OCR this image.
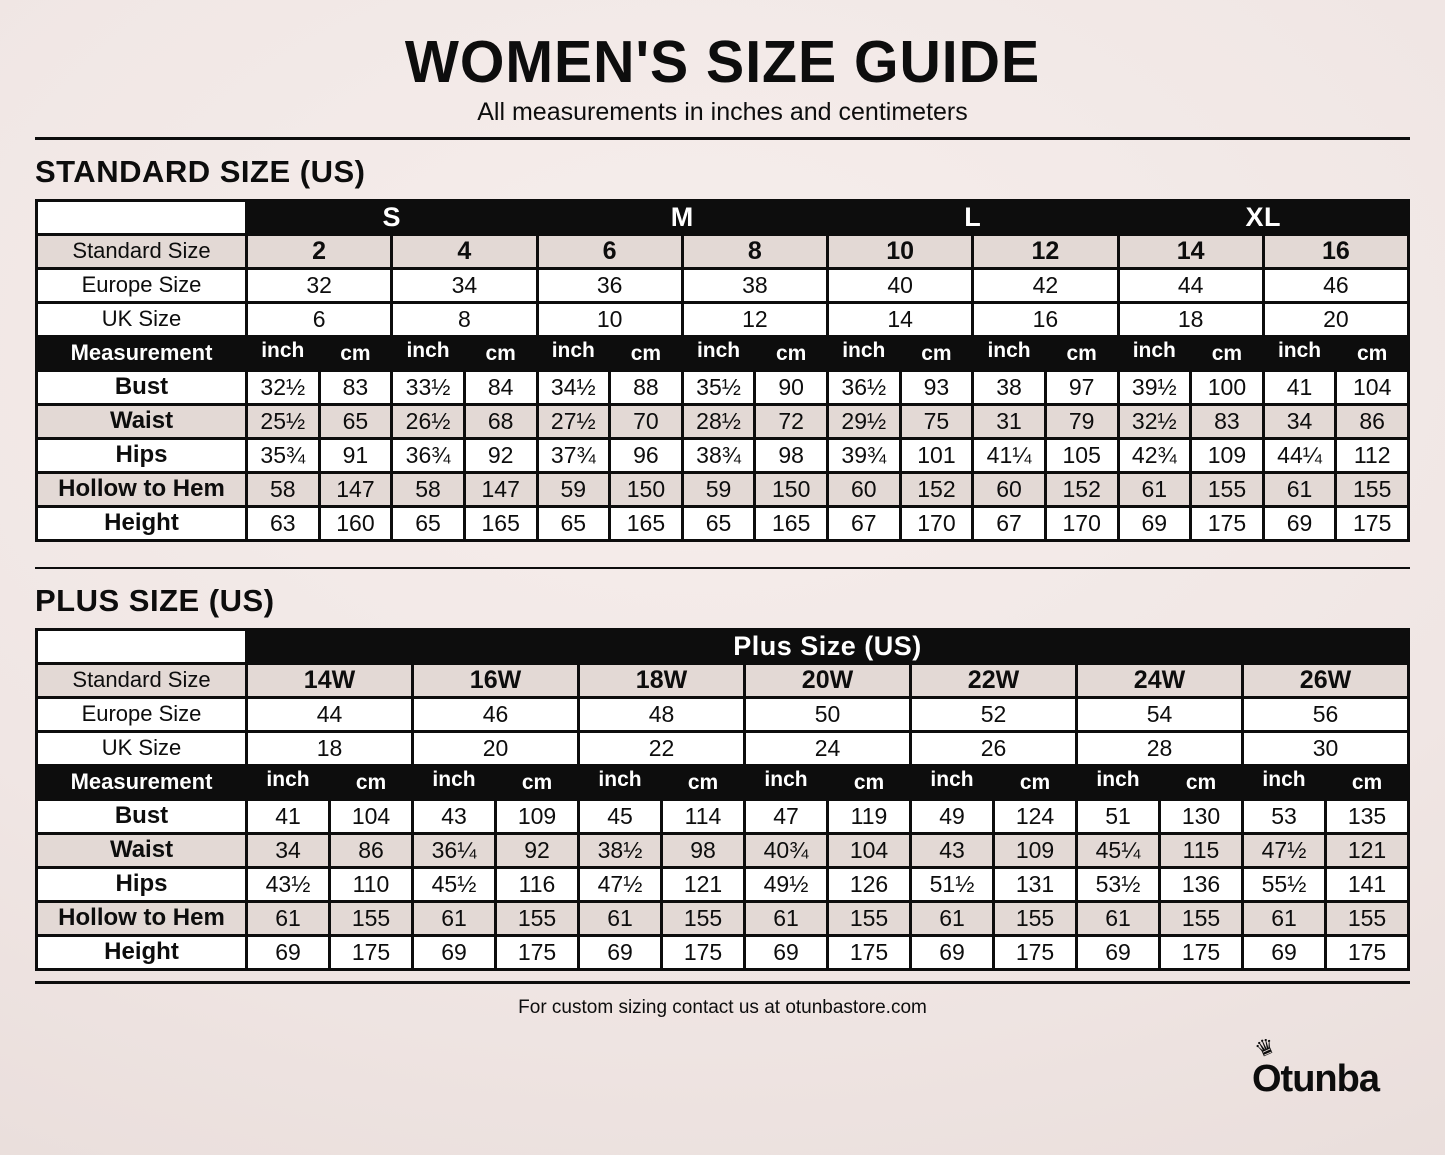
WOMEN'S SIZE GUIDE
All measurements in inches and centimeters
STANDARD SIZE (US)
	S				M				L				XL			
Standard Size	2		4		6		8		10		12		14		16	
Europe Size	32		34		36		38		40		42		44		46	
UK Size	6		8		10		12		14		16		18		20	
Measurement	inch	cm	inch	cm	inch	cm	inch	cm	inch	cm	inch	cm	inch	cm	inch	cm
Bust	32½	83	33½	84	34½	88	35½	90	36½	93	38	97	39½	100	41	104
Waist	25½	65	26½	68	27½	70	28½	72	29½	75	31	79	32½	83	34	86
Hips	35¾	91	36¾	92	37¾	96	38¾	98	39¾	101	41¼	105	42¾	109	44¼	112
Hollow to Hem	58	147	58	147	59	150	59	150	60	152	60	152	61	155	61	155
Height	63	160	65	165	65	165	65	165	67	170	67	170	69	175	69	175
PLUS SIZE (US)
	Plus Size (US)													
Standard Size	14W		16W		18W		20W		22W		24W		26W	
Europe Size	44		46		48		50		52		54		56	
UK Size	18		20		22		24		26		28		30	
Measurement	inch	cm	inch	cm	inch	cm	inch	cm	inch	cm	inch	cm	inch	cm
Bust	41	104	43	109	45	114	47	119	49	124	51	130	53	135
Waist	34	86	36¼	92	38½	98	40¾	104	43	109	45¼	115	47½	121
Hips	43½	110	45½	116	47½	121	49½	126	51½	131	53½	136	55½	141
Hollow to Hem	61	155	61	155	61	155	61	155	61	155	61	155	61	155
Height	69	175	69	175	69	175	69	175	69	175	69	175	69	175
For custom sizing contact us at otunbastore.com
♛
Otunba
